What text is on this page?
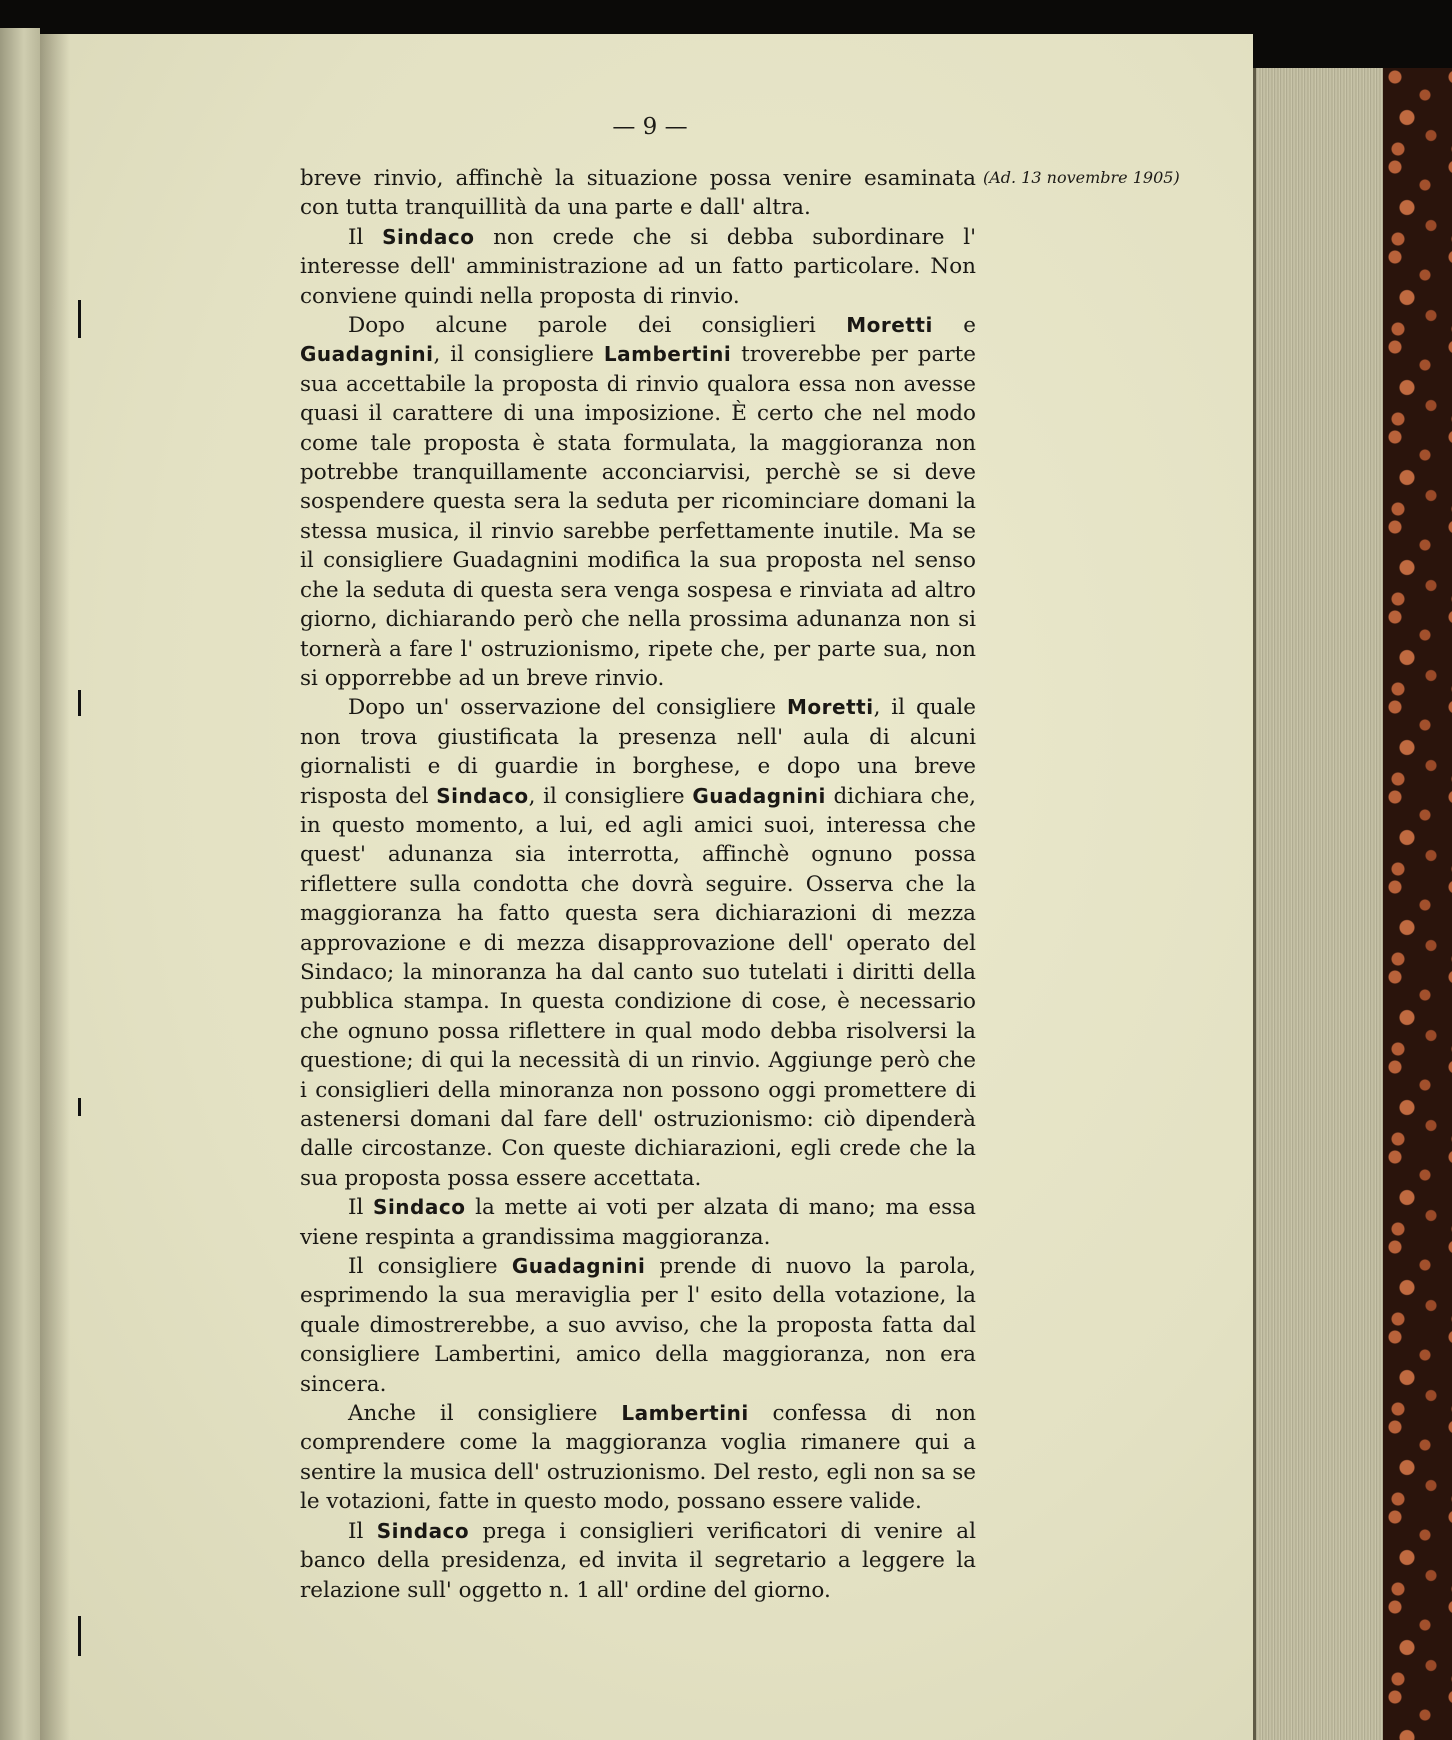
— 9 —
(Ad. 13 novembre 1905)

breve rinvio, affinchè la situazione possa venire esaminata con tutta tranquillità da una parte e dall' altra.

Il Sindaco non crede che si debba subordinare l' interesse dell' amministrazione ad un fatto particolare. Non conviene quindi nella proposta di rinvio.

Dopo alcune parole dei consiglieri Moretti e Guadagnini, il consigliere Lambertini troverebbe per parte sua accettabile la proposta di rinvio qualora essa non avesse quasi il carattere di una imposizione. È certo che nel modo come tale proposta è stata formulata, la maggioranza non potrebbe tranquillamente acconciarvisi, perchè se si deve sospendere questa sera la seduta per ricominciare domani la stessa musica, il rinvio sarebbe perfettamente inutile. Ma se il consigliere Guadagnini modifica la sua proposta nel senso che la seduta di questa sera venga sospesa e rinviata ad altro giorno, dichiarando però che nella prossima adunanza non si tornerà a fare l' ostruzionismo, ripete che, per parte sua, non si opporrebbe ad un breve rinvio.

Dopo un' osservazione del consigliere Moretti, il quale non trova giustificata la presenza nell' aula di alcuni giornalisti e di guardie in borghese, e dopo una breve risposta del Sindaco, il consigliere Guadagnini dichiara che, in questo momento, a lui, ed agli amici suoi, interessa che quest' adunanza sia interrotta, affinchè ognuno possa riflettere sulla condotta che dovrà seguire. Osserva che la maggioranza ha fatto questa sera dichiarazioni di mezza approvazione e di mezza disapprovazione dell' operato del Sindaco; la minoranza ha dal canto suo tutelati i diritti della pubblica stampa. In questa condizione di cose, è necessario che ognuno possa riflettere in qual modo debba risolversi la questione; di qui la necessità di un rinvio. Aggiunge però che i consiglieri della minoranza non possono oggi promettere di astenersi domani dal fare dell' ostruzionismo: ciò dipenderà dalle circostanze. Con queste dichiarazioni, egli crede che la sua proposta possa essere accettata.

Il Sindaco la mette ai voti per alzata di mano; ma essa viene respinta a grandissima maggioranza.

Il consigliere Guadagnini prende di nuovo la parola, esprimendo la sua meraviglia per l' esito della votazione, la quale dimostrerebbe, a suo avviso, che la proposta fatta dal consigliere Lambertini, amico della maggioranza, non era sincera.

Anche il consigliere Lambertini confessa di non comprendere come la maggioranza voglia rimanere qui a sentire la musica dell' ostruzionismo. Del resto, egli non sa se le votazioni, fatte in questo modo, possano essere valide.

Il Sindaco prega i consiglieri verificatori di venire al banco della presidenza, ed invita il segretario a leggere la relazione sull' oggetto n. 1 all' ordine del giorno.
